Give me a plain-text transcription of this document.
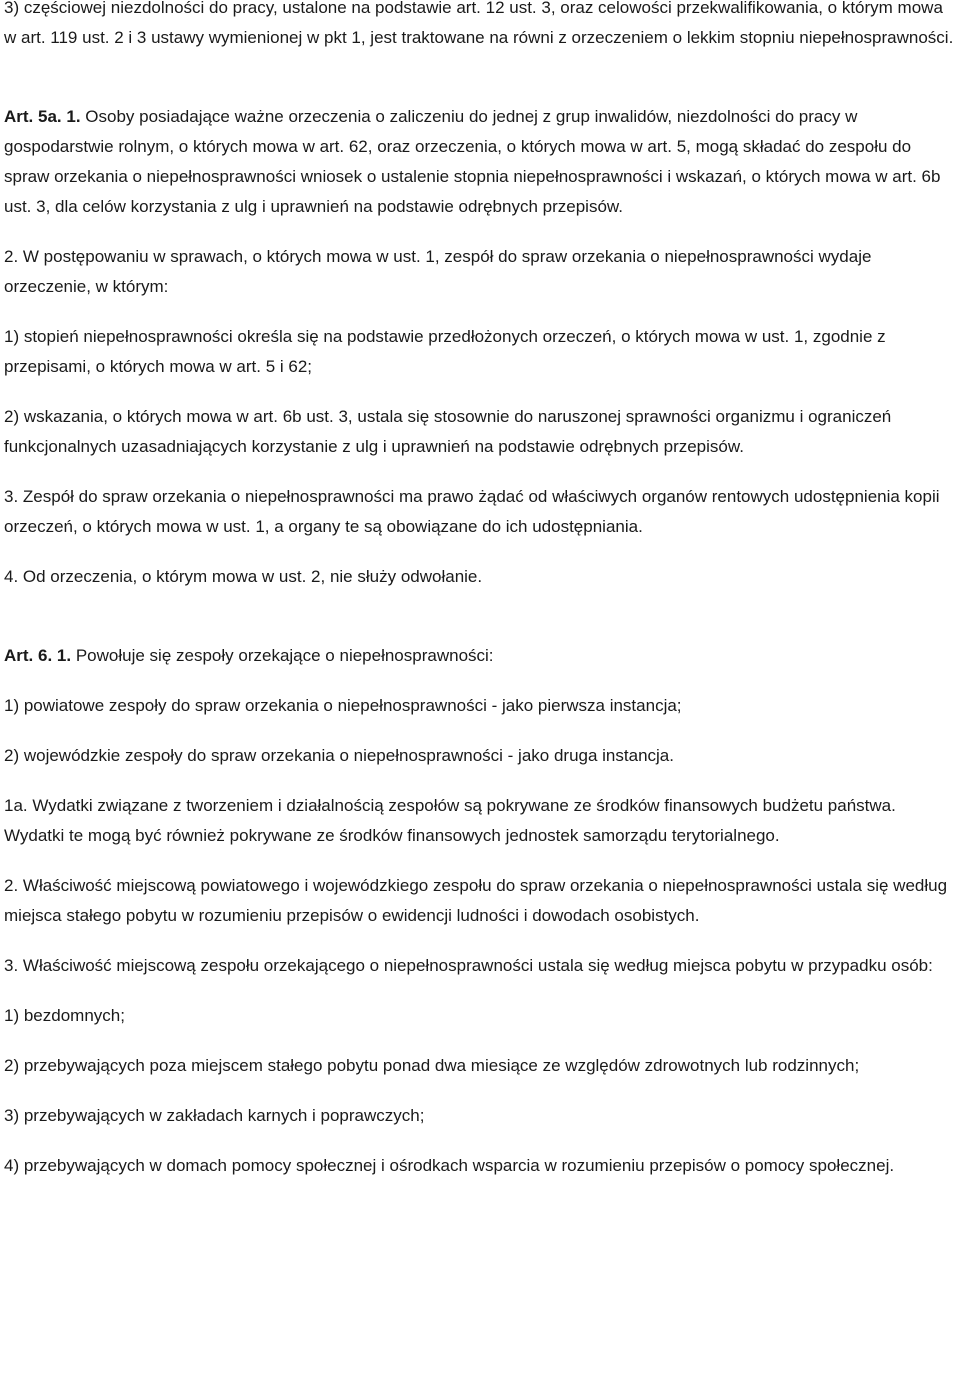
3) częściowej niezdolności do pracy, ustalone na podstawie art. 12 ust. 3, oraz celowości przekwalifikowania, o którym mowa w art. 119 ust. 2 i 3 ustawy wymienionej w pkt 1, jest traktowane na równi z orzeczeniem o lekkim stopniu niepełnosprawności.

Art. 5a. 1. Osoby posiadające ważne orzeczenia o zaliczeniu do jednej z grup inwalidów, niezdolności do pracy w gospodarstwie rolnym, o których mowa w art. 62, oraz orzeczenia, o których mowa w art. 5, mogą składać do zespołu do spraw orzekania o niepełnosprawności wniosek o ustalenie stopnia niepełnosprawności i wskazań, o których mowa w art. 6b ust. 3, dla celów korzystania z ulg i uprawnień na podstawie odrębnych przepisów.

2. W postępowaniu w sprawach, o których mowa w ust. 1, zespół do spraw orzekania o niepełnosprawności wydaje orzeczenie, w którym:

1) stopień niepełnosprawności określa się na podstawie przedłożonych orzeczeń, o których mowa w ust. 1, zgodnie z przepisami, o których mowa w art. 5 i 62;

2) wskazania, o których mowa w art. 6b ust. 3, ustala się stosownie do naruszonej sprawności organizmu i ograniczeń funkcjonalnych uzasadniających korzystanie z ulg i uprawnień na podstawie odrębnych przepisów.

3. Zespół do spraw orzekania o niepełnosprawności ma prawo żądać od właściwych organów rentowych udostępnienia kopii orzeczeń, o których mowa w ust. 1, a organy te są obowiązane do ich udostępniania.

4. Od orzeczenia, o którym mowa w ust. 2, nie służy odwołanie.

Art. 6. 1. Powołuje się zespoły orzekające o niepełnosprawności:

1) powiatowe zespoły do spraw orzekania o niepełnosprawności - jako pierwsza instancja;

2) wojewódzkie zespoły do spraw orzekania o niepełnosprawności - jako druga instancja.

1a. Wydatki związane z tworzeniem i działalnością zespołów są pokrywane ze środków finansowych budżetu państwa. Wydatki te mogą być również pokrywane ze środków finansowych jednostek samorządu terytorialnego.

2. Właściwość miejscową powiatowego i wojewódzkiego zespołu do spraw orzekania o niepełnosprawności ustala się według miejsca stałego pobytu w rozumieniu przepisów o ewidencji ludności i dowodach osobistych.

3. Właściwość miejscową zespołu orzekającego o niepełnosprawności ustala się według miejsca pobytu w przypadku osób:

1) bezdomnych;

2) przebywających poza miejscem stałego pobytu ponad dwa miesiące ze względów zdrowotnych lub rodzinnych;

3) przebywających w zakładach karnych i poprawczych;

4) przebywających w domach pomocy społecznej i ośrodkach wsparcia w rozumieniu przepisów o pomocy społecznej.
